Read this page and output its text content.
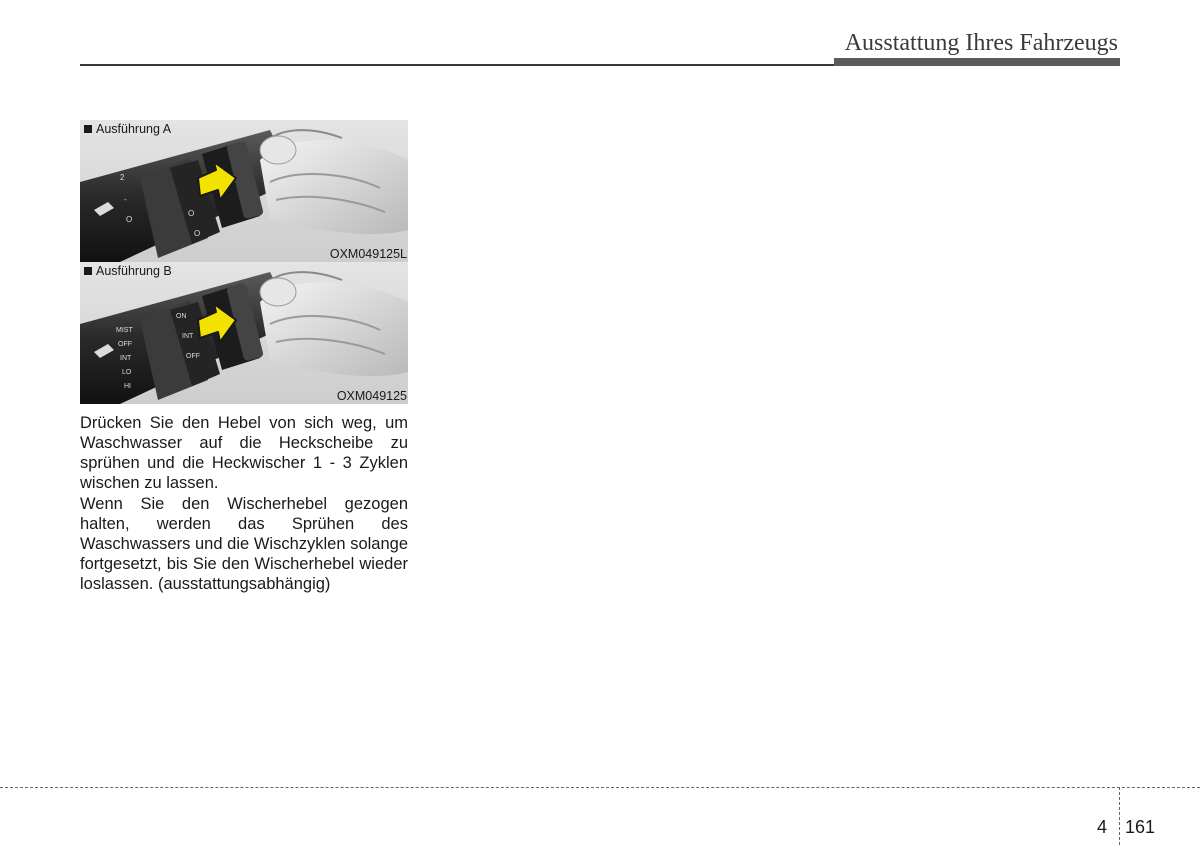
Ausstattung Ihres Fahrzeugs
2
-
O
O
O
Ausführung A
OXM049125L
MIST
OFF
INT
LO
HI
ON
INT
OFF
Ausführung B
OXM049125

Drücken Sie den Hebel von sich weg, um Waschwasser auf die Heckscheibe zu sprühen und die Heckwischer 1 - 3 Zyklen wischen zu lassen.

Wenn Sie den Wischerhebel gezogen halten, werden das Sprühen des Waschwassers und die Wischzyklen solange fortgesetzt, bis Sie den Wischerhebel wieder loslassen. (ausstattungsabhängig)

4 161
